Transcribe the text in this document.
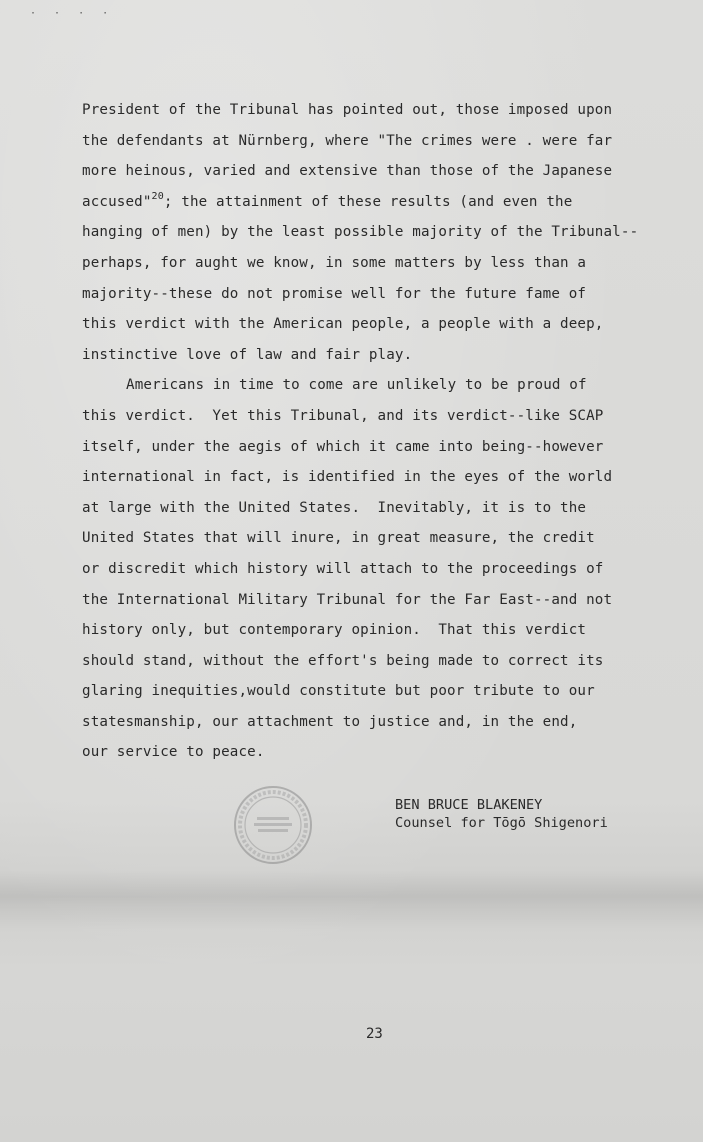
· · · ·
President of the Tribunal has pointed out, those imposed upon
the defendants at Nürnberg, where "The crimes were . were far
more heinous, varied and extensive than those of the Japanese
accused"$^{20}$; the attainment of these results (and even the
hanging of men) by the least possible majority of the Tribunal--
perhaps, for aught we know, in some matters by less than a
majority--these do not promise well for the future fame of
this verdict with the American people, a people with a deep,
instinctive love of law and fair play.
Americans in time to come are unlikely to be proud of
this verdict.  Yet this Tribunal, and its verdict--like SCAP
itself, under the aegis of which it came into being--however
international in fact, is identified in the eyes of the world
at large with the United States.  Inevitably, it is to the
United States that will inure, in great measure, the credit
or discredit which history will attach to the proceedings of
the International Military Tribunal for the Far East--and not
history only, but contemporary opinion.  That this verdict
should stand, without the effort's being made to correct its
glaring inequities,would constitute but poor tribute to our
statesmanship, our attachment to justice and, in the end,
our service to peace.
BEN BRUCE BLAKENEY
Counsel for Tōgō Shigenori
23
